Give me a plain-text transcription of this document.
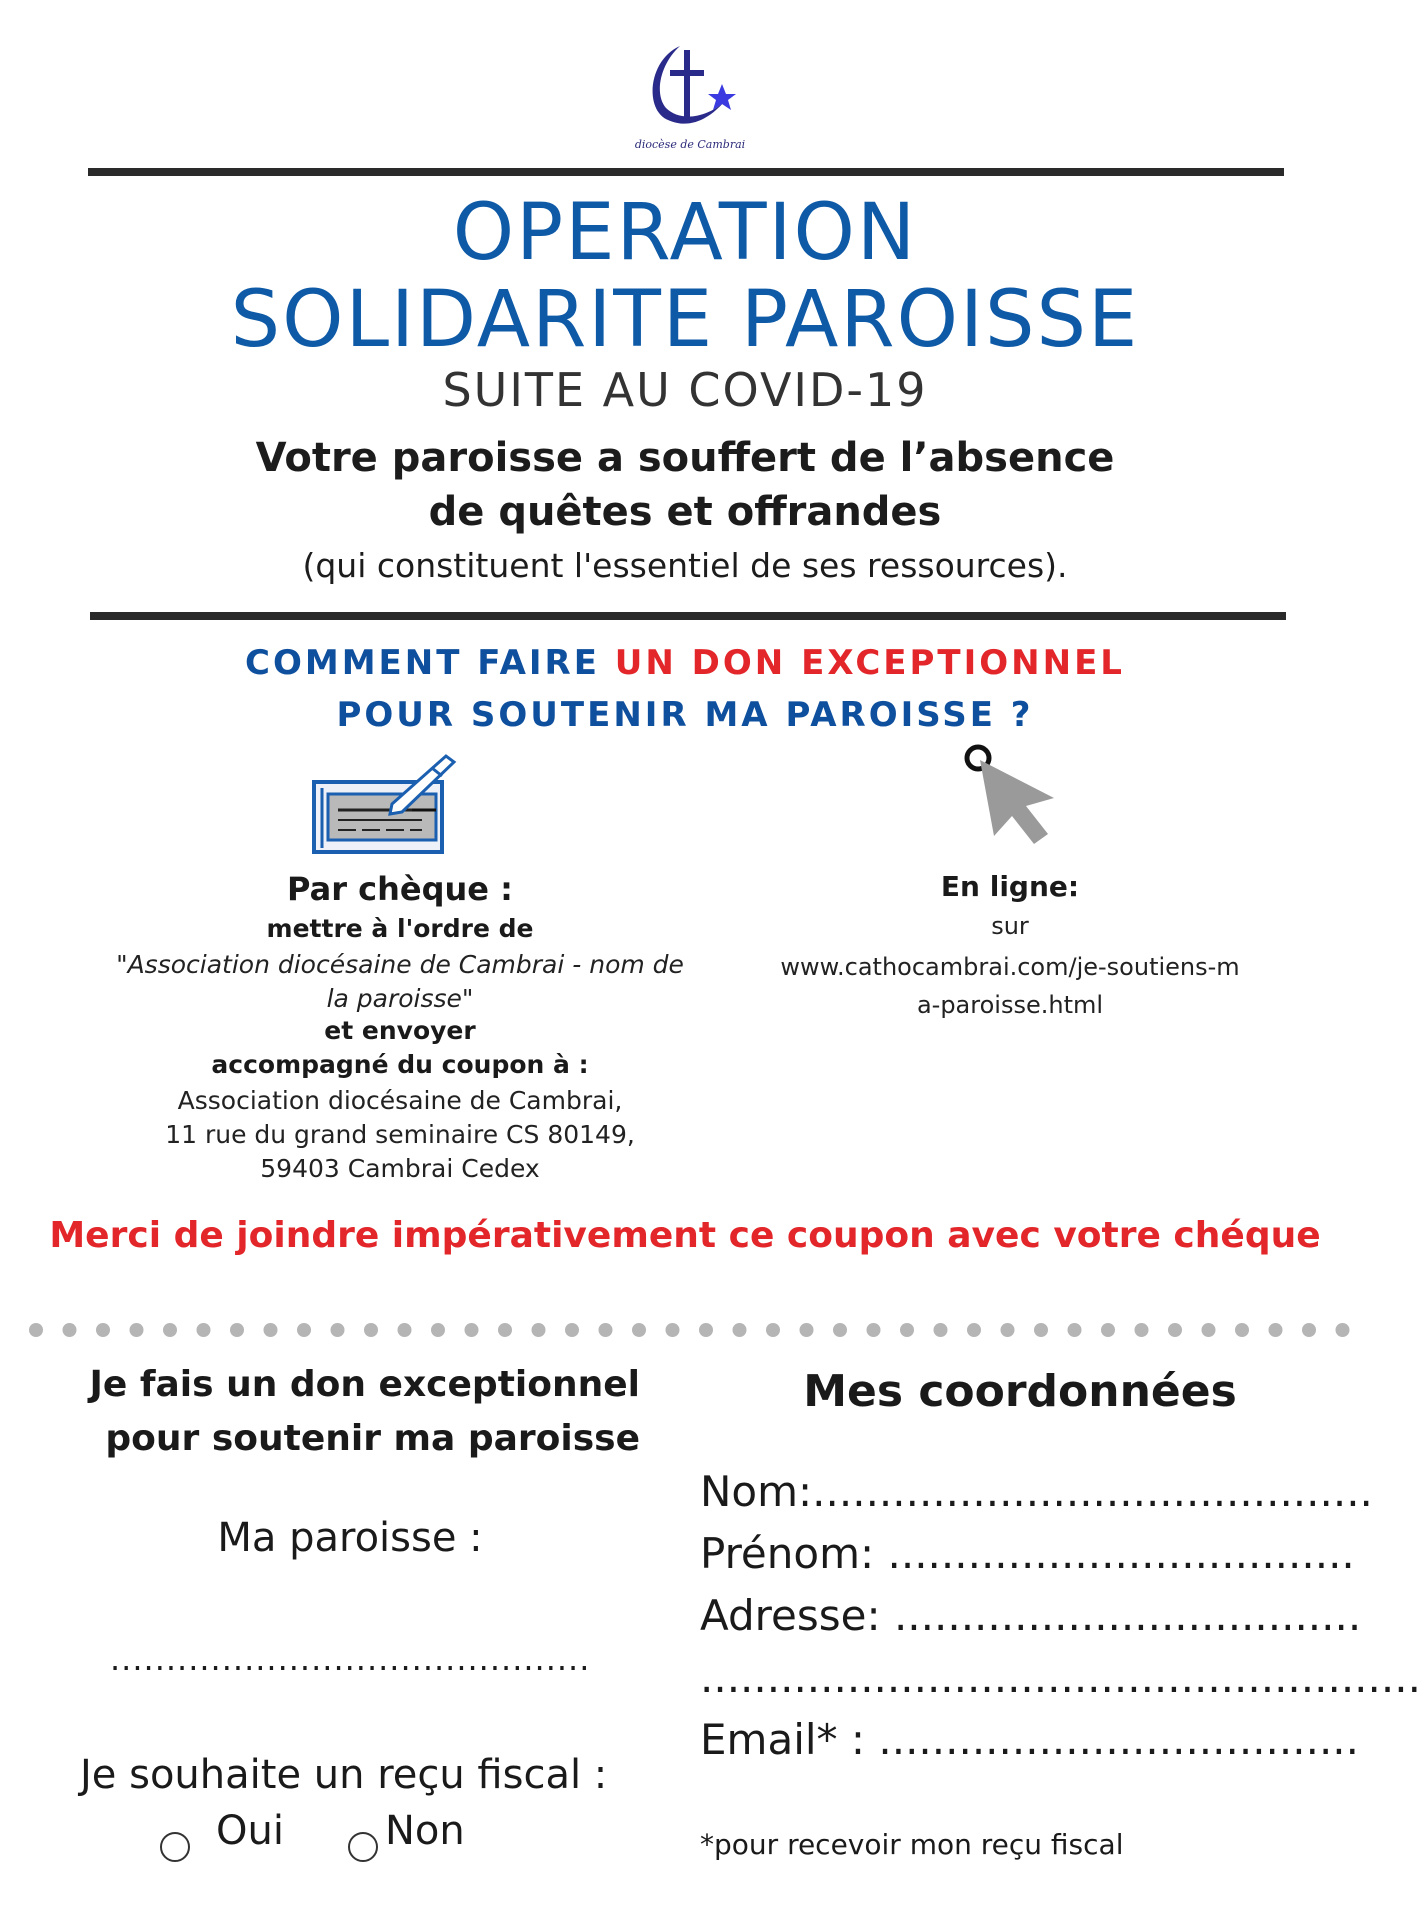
diocèse de Cambrai
OPERATION
SOLIDARITE PAROISSE
SUITE AU COVID-19
Votre paroisse a souffert de l’absence
de quêtes et offrandes
(qui constituent l'essentiel de ses ressources).
COMMENT FAIRE UN DON EXCEPTIONNEL
POUR SOUTENIR MA PAROISSE ?
Par chèque :
mettre à l'ordre de
"Association diocésaine de Cambrai - nom de la paroisse"
et envoyer
accompagné du coupon à :
Association diocésaine de Cambrai,
11 rue du grand seminaire CS 80149,
59403 Cambrai Cedex
En ligne:
sur
www.cathocambrai.com/je-soutiens-ma-paroisse.html
Merci de joindre impérativement ce coupon avec votre chéque
Je fais un don exceptionnel
pour soutenir ma paroisse
Ma paroisse :
...........................................
Je souhaite un reçu fiscal :
Oui	Non
Mes coordonnées
Nom:..........................................
Prénom: ...................................
Adresse: ...................................
......................................................
Email* : ....................................
*pour recevoir mon reçu fiscal
